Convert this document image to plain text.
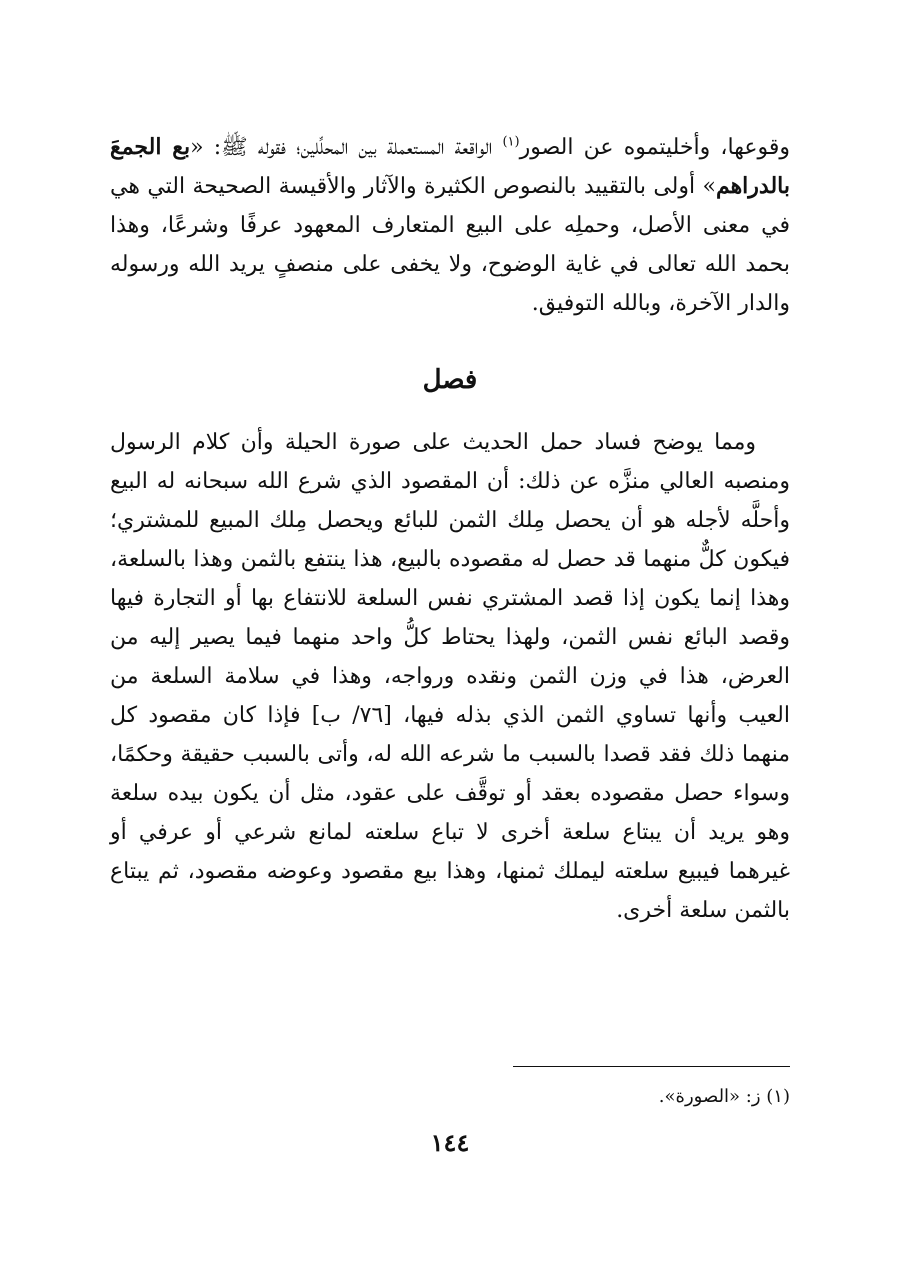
وقوعها، وأخليتموه عن الصور$^{(١)}$ الواقعة المستعملة بين المحلِّلين؛ فقوله ﷺ: «بع الجمعَ بالدراهم» أولى بالتقييد بالنصوص الكثيرة والآثار والأقيسة الصحيحة التي هي في معنى الأصل، وحملِه على البيع المتعارف المعهود عرفًا وشرعًا، وهذا بحمد الله تعالى في غاية الوضوح، ولا يخفى على منصفٍ يريد الله ورسوله والدار الآخرة، وبالله التوفيق.

فصل

ومما يوضح فساد حمل الحديث على صورة الحيلة وأن كلام الرسول ومنصبه العالي منزَّه عن ذلك: أن المقصود الذي شرع الله سبحانه له البيع وأحلَّه لأجله هو أن يحصل مِلك الثمن للبائع ويحصل مِلك المبيع للمشتري؛ فيكون كلٌّ منهما قد حصل له مقصوده بالبيع، هذا ينتفع بالثمن وهذا بالسلعة، وهذا إنما يكون إذا قصد المشتري نفس السلعة للانتفاع بها أو التجارة فيها وقصد البائع نفس الثمن، ولهذا يحتاط كلُّ واحد منهما فيما يصير إليه من العرض، هذا في وزن الثمن ونقده ورواجه، وهذا في سلامة السلعة من العيب وأنها تساوي الثمن الذي بذله فيها، [٧٦/ ب] فإذا كان مقصود كل منهما ذلك فقد قصدا بالسبب ما شرعه الله له، وأتى بالسبب حقيقة وحكمًا، وسواء حصل مقصوده بعقد أو توقَّف على عقود، مثل أن يكون بيده سلعة وهو يريد أن يبتاع سلعة أخرى لا تباع سلعته لمانع شرعي أو عرفي أو غيرهما فيبيع سلعته ليملك ثمنها، وهذا بيع مقصود وعوضه مقصود، ثم يبتاع بالثمن سلعة أخرى.

(١) ز: «الصورة».
١٤٤
